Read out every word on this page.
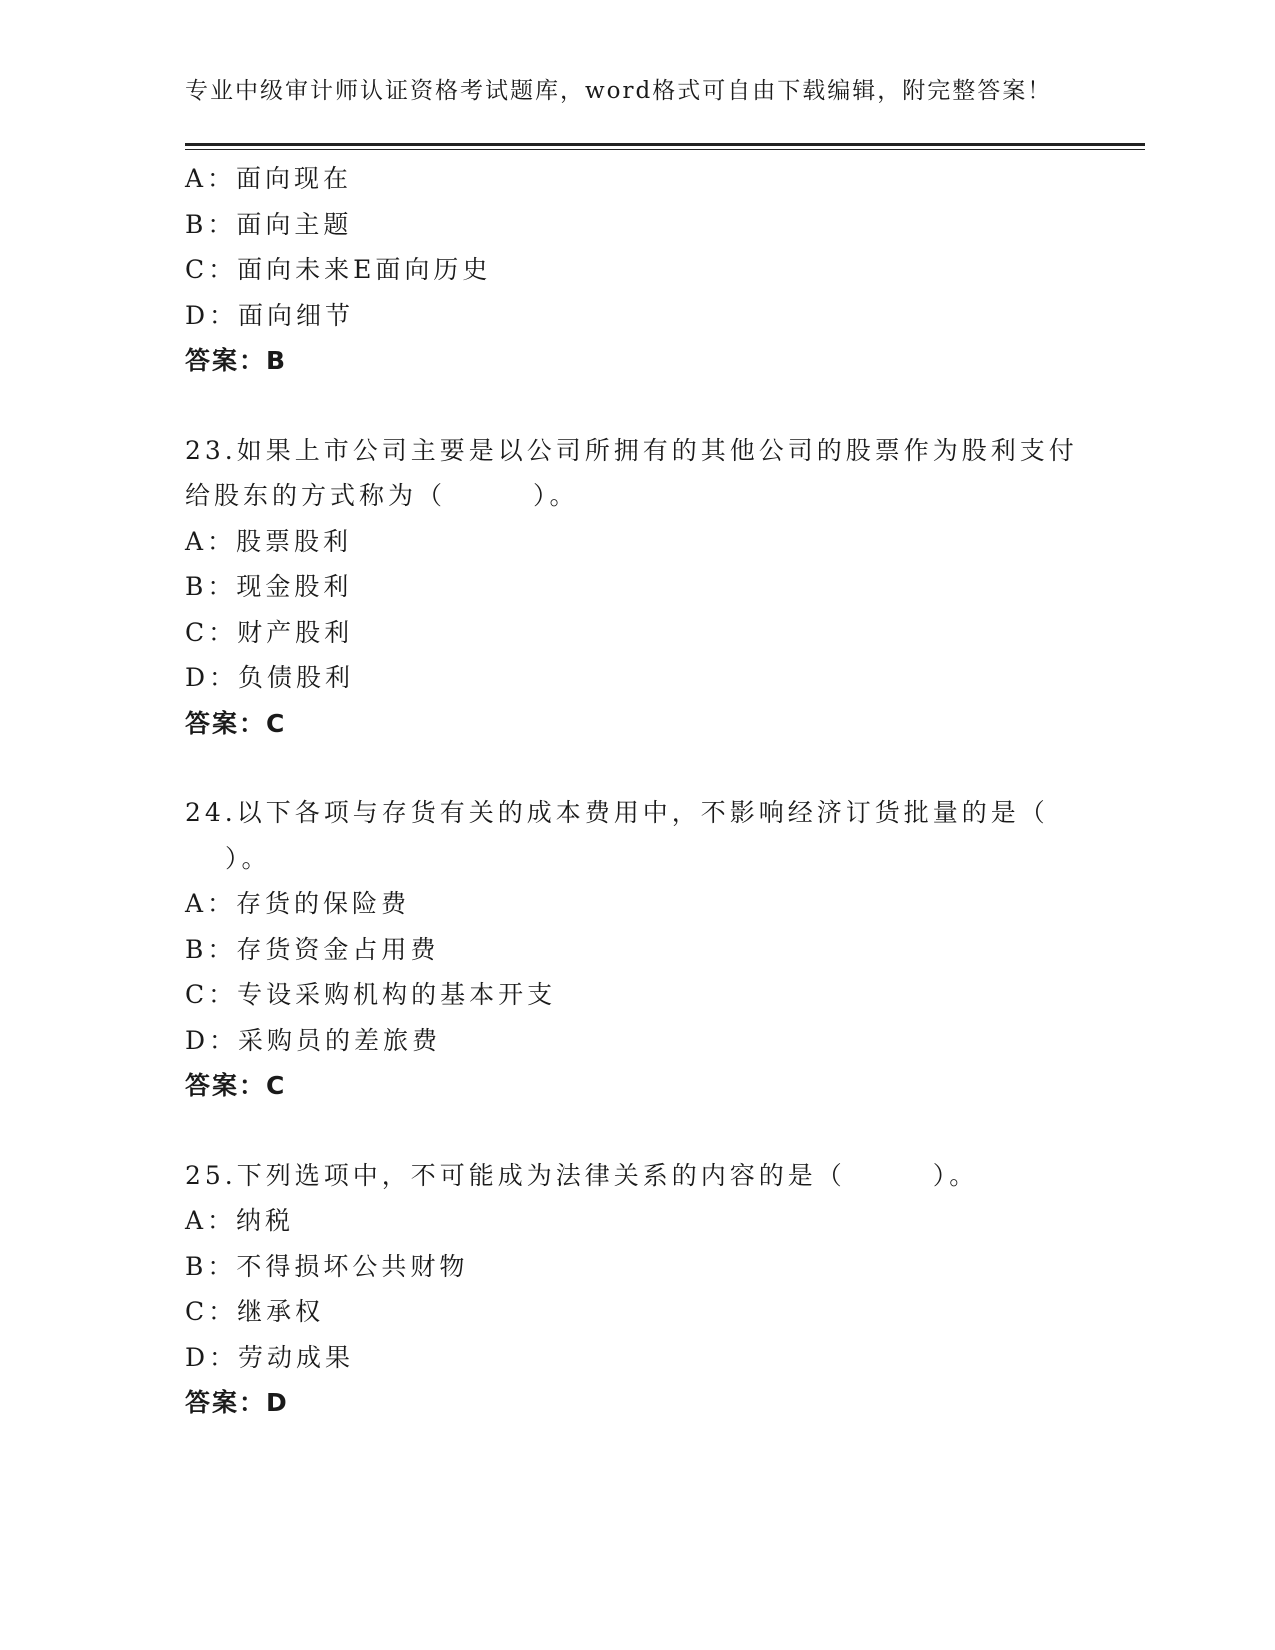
专业中级审计师认证资格考试题库，word格式可自由下载编辑，附完整答案！
A：面向现在
B：面向主题
C：面向未来E面向历史
D：面向细节
答案：B
23.如果上市公司主要是以公司所拥有的其他公司的股票作为股利支付
给股东的方式称为（　　　）。
A：股票股利
B：现金股利
C：财产股利
D：负债股利
答案：C
24.以下各项与存货有关的成本费用中，不影响经济订货批量的是（
）。
A：存货的保险费
B：存货资金占用费
C：专设采购机构的基本开支
D：采购员的差旅费
答案：C
25.下列选项中，不可能成为法律关系的内容的是（　　　）。
A：纳税
B：不得损坏公共财物
C：继承权
D：劳动成果
答案：D
